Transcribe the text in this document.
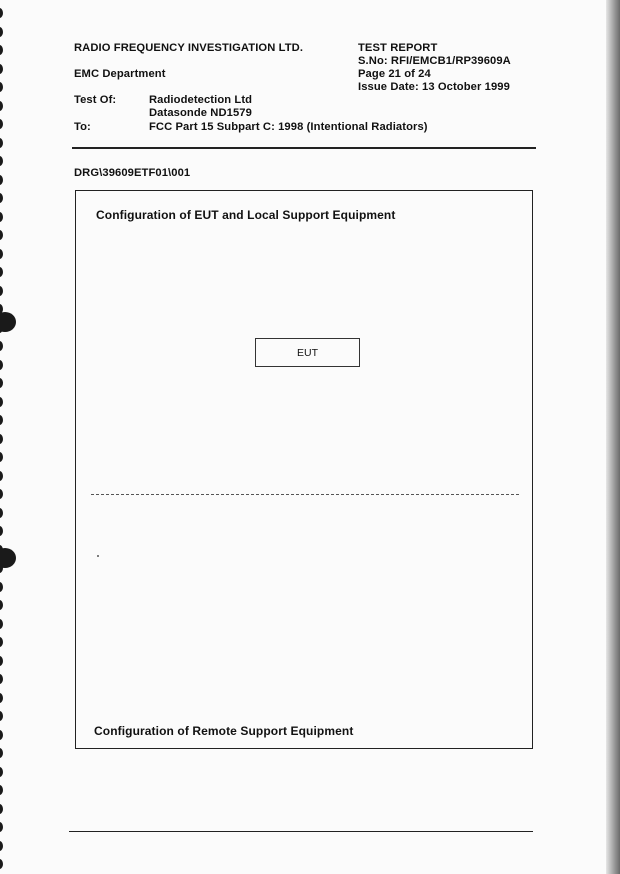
RADIO FREQUENCY INVESTIGATION LTD.
EMC Department
Test Of:	Radiodetection Ltd
Datasonde ND1579
To:	FCC Part 15 Subpart C: 1998 (Intentional Radiators)
TEST REPORT
S.No: RFI/EMCB1/RP39609A
Page 21 of 24
Issue Date: 13 October 1999
DRG\39609ETF01\001
Configuration of EUT and Local Support Equipment
EUT
Configuration of Remote Support Equipment
